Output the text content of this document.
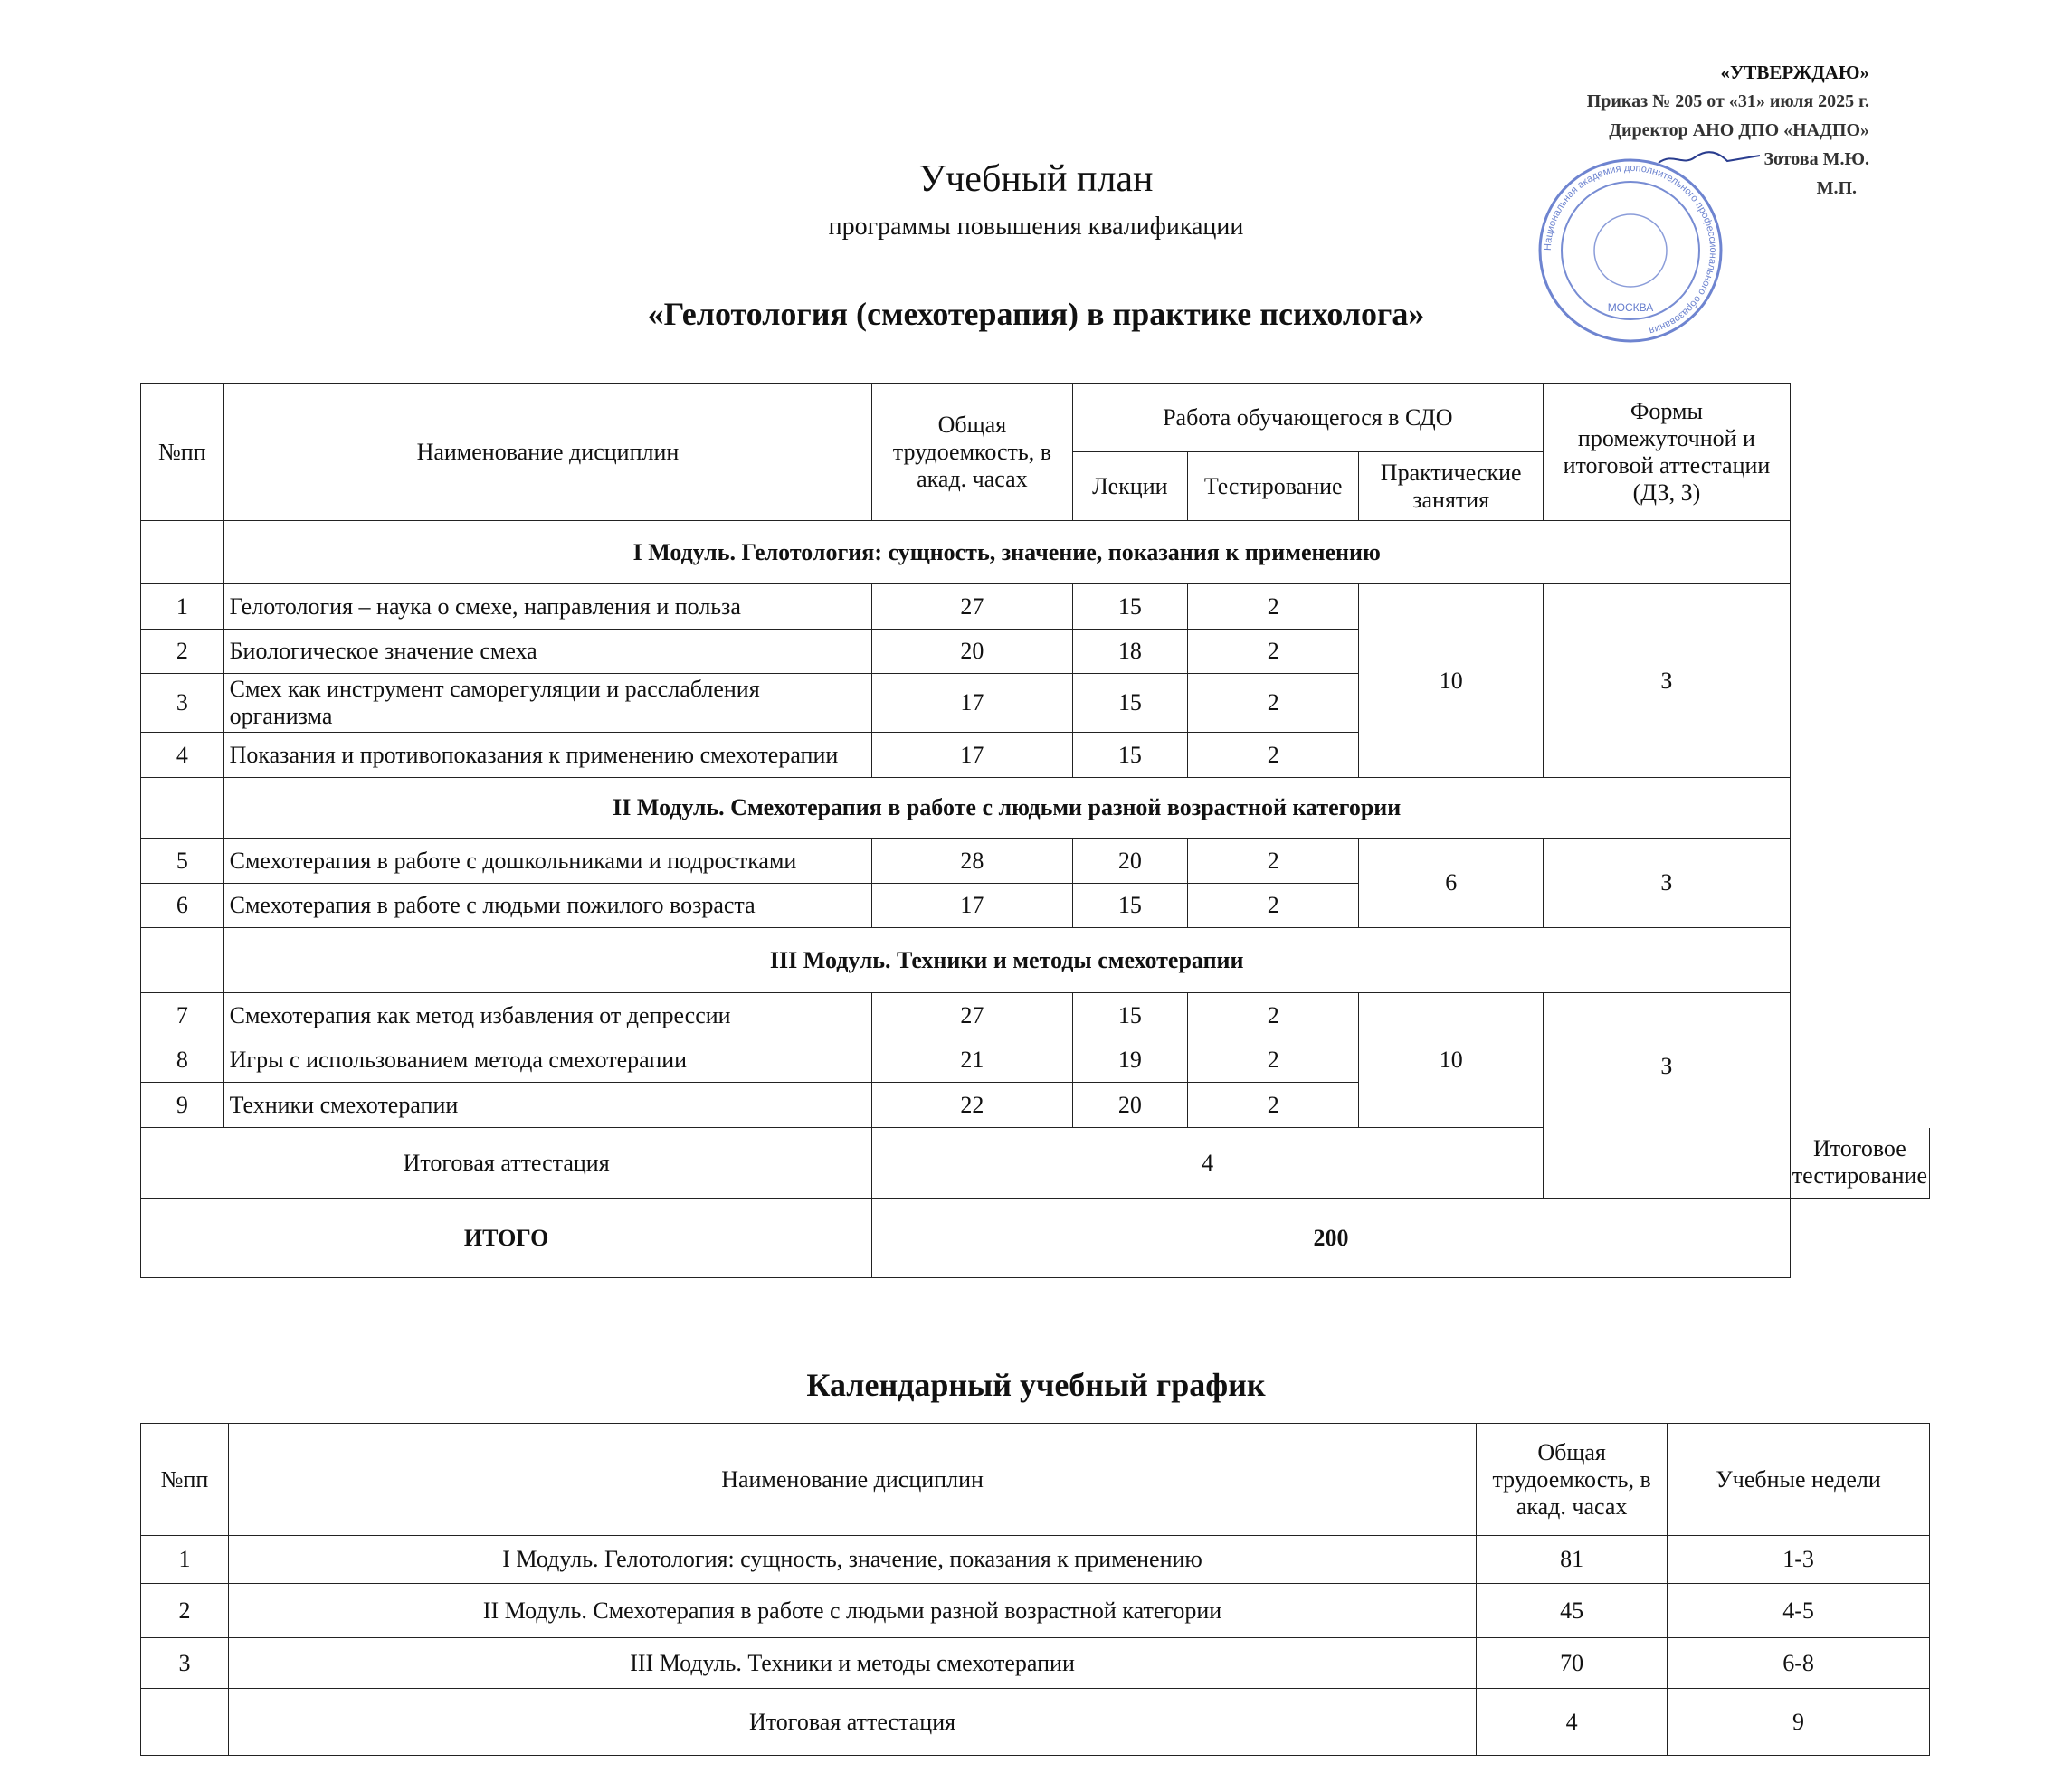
«УТВЕРЖДАЮ»
Приказ № 205 от «31» июля 2025 г.
Директор АНО ДПО «НАДПО»
Зотова М.Ю.
М.П.
Национальная академия дополнительного профессионального образования
МОСКВА
Учебный план
программы повышения квалификации
«Гелотология (смехотерапия) в практике психолога»
№пп	Наименование дисциплин	Общая трудоемкость, в акад. часах	Работа обучающегося в СДО			Формы промежуточной и итоговой аттестации (ДЗ, З)	
			Лекции	Тестирование	Практические занятия		
	I Модуль. Гелотология: сущность, значение, показания к применению						
1	Гелотология – наука о смехе, направления и польза	27	15	2	10	З	
2	Биологическое значение смеха	20	18	2			
3	Смех как инструмент саморегуляции и расслабления организма	17	15	2			
4	Показания и противопоказания к применению смехотерапии	17	15	2			
	II Модуль. Смехотерапия в работе с людьми разной возрастной категории						
5	Смехотерапия в работе с дошкольниками и подростками	28	20	2	6	З	
6	Смехотерапия в работе с людьми пожилого возраста	17	15	2			
	III Модуль. Техники и методы смехотерапии						
7	Смехотерапия как метод избавления от депрессии	27	15	2	10	З	
8	Игры с использованием метода смехотерапии	21	19	2			
9	Техники смехотерапии	22	20	2			
Итоговая аттестация		4					Итоговое тестирование
ИТОГО		200					
Календарный учебный график
№пп	Наименование дисциплин	Общая трудоемкость, в акад. часах	Учебные недели
1	I Модуль. Гелотология: сущность, значение, показания к применению	81	1-3
2	II Модуль. Смехотерапия в работе с людьми разной возрастной категории	45	4-5
3	III Модуль. Техники и методы смехотерапии	70	6-8
	Итоговая аттестация	4	9
